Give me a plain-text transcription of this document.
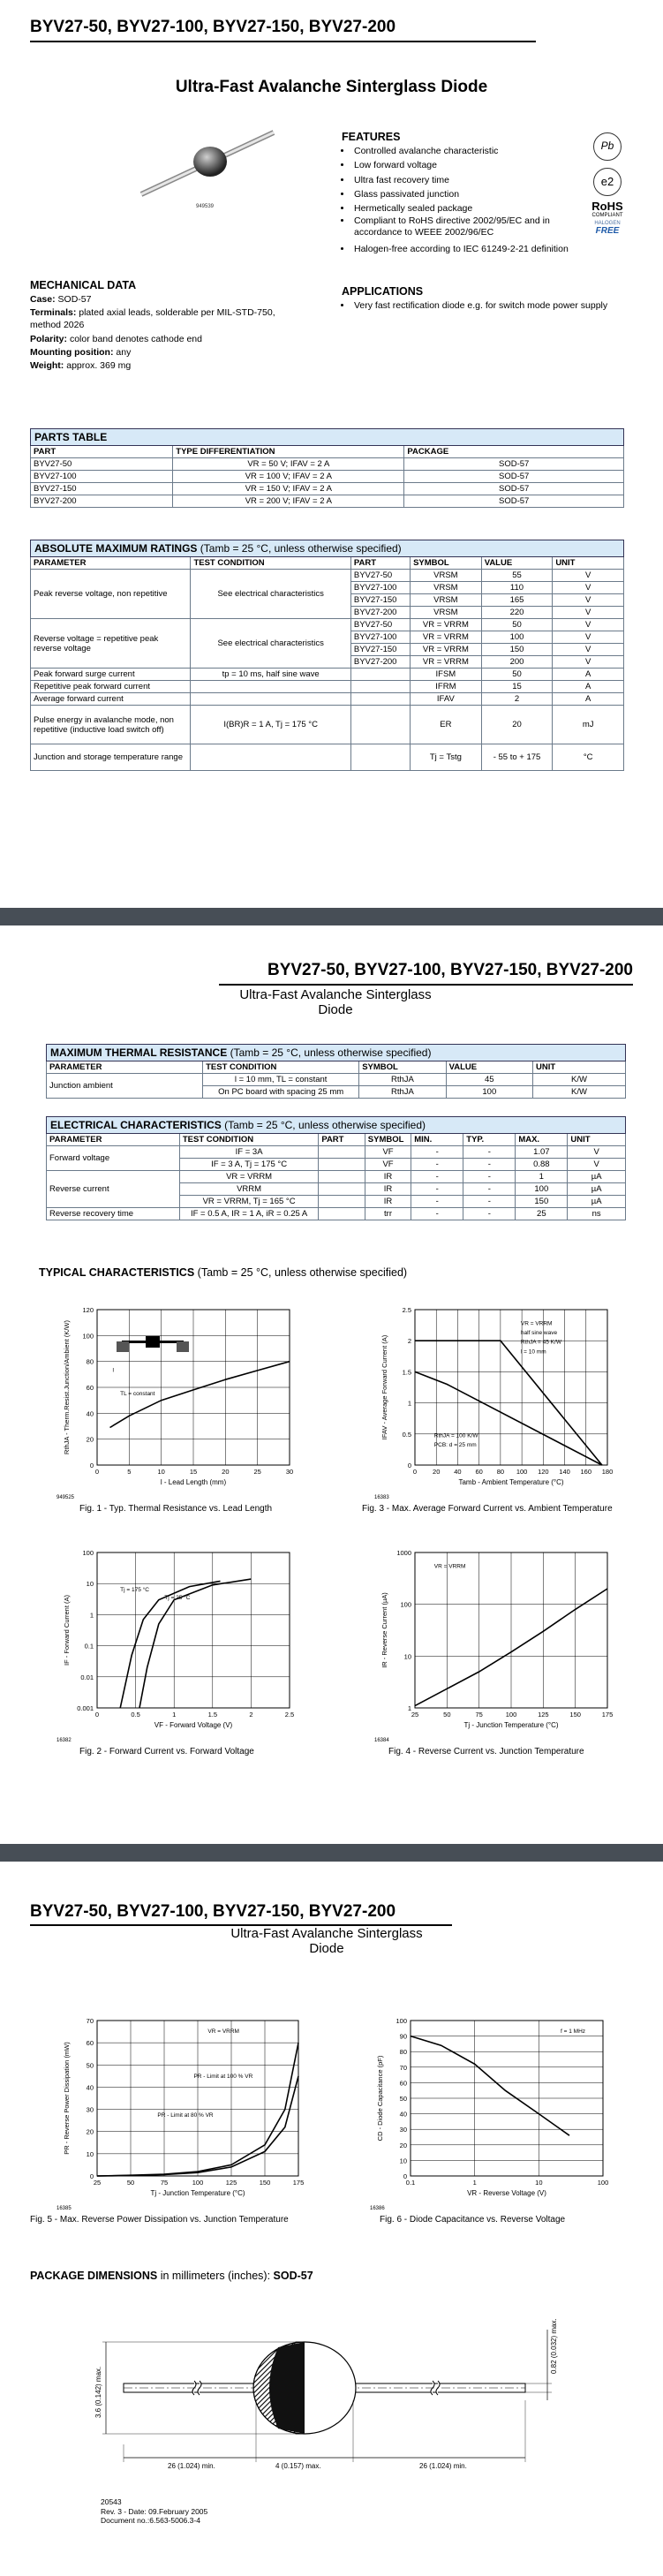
BYV27-50, BYV27-100, BYV27-150, BYV27-200
Ultra-Fast Avalanche Sinterglass Diode
949539
FEATURES
• Controlled avalanche characteristic
• Low forward voltage
• Ultra fast recovery time
• Glass passivated junction
• Hermetically sealed package
• Compliant to RoHS directive 2002/95/EC and in accordance to WEEE 2002/96/EC
• Halogen-free according to IEC 61249-2-21 definition
Pb
e2
RoHS
COMPLIANT
HALOGEN
FREE
APPLICATIONS
• Very fast rectification diode e.g. for switch mode power supply
MECHANICAL DATA
Case: SOD-57
Terminals: plated axial leads, solderable per MIL-STD-750, method 2026
Polarity: color band denotes cathode end
Mounting position: any
Weight: approx. 369 mg
PARTS TABLE		
PART	TYPE DIFFERENTIATION	PACKAGE
BYV27-50	VR = 50 V; IFAV = 2 A	SOD-57
BYV27-100	VR = 100 V; IFAV = 2 A	SOD-57
BYV27-150	VR = 150 V; IFAV = 2 A	SOD-57
BYV27-200	VR = 200 V; IFAV = 2 A	SOD-57
ABSOLUTE MAXIMUM RATINGS (Tamb = 25 °C, unless otherwise specified)					
PARAMETER	TEST CONDITION	PART	SYMBOL	VALUE	UNIT
Peak reverse voltage, non repetitive	See electrical characteristics	BYV27-50	VRSM	55	V
		BYV27-100	VRSM	110	V
		BYV27-150	VRSM	165	V
		BYV27-200	VRSM	220	V
Reverse voltage = repetitive peak reverse voltage	See electrical characteristics	BYV27-50	VR = VRRM	50	V
		BYV27-100	VR = VRRM	100	V
		BYV27-150	VR = VRRM	150	V
		BYV27-200	VR = VRRM	200	V
Peak forward surge current	tp = 10 ms, half sine wave		IFSM	50	A
Repetitive peak forward current			IFRM	15	A
Average forward current			IFAV	2	A
Pulse energy in avalanche mode, non repetitive (inductive load switch off)	I(BR)R = 1 A, Tj = 175 °C		ER	20	mJ
Junction and storage temperature range			Tj = Tstg	- 55 to + 175	°C
BYV27-50, BYV27-100, BYV27-150, BYV27-200
Ultra-Fast Avalanche Sinterglass
Diode
MAXIMUM THERMAL RESISTANCE (Tamb = 25 °C, unless otherwise specified)				
PARAMETER	TEST CONDITION	SYMBOL	VALUE	UNIT
Junction ambient	l = 10 mm, TL = constant	RthJA	45	K/W
	On PC board with spacing 25 mm	RthJA	100	K/W
ELECTRICAL CHARACTERISTICS (Tamb = 25 °C, unless otherwise specified)							
PARAMETER	TEST CONDITION	PART	SYMBOL	MIN.	TYP.	MAX.	UNIT
Forward voltage	IF = 3A		VF	-	-	1.07	V
	IF = 3 A, Tj = 175 °C		VF	-	-	0.88	V
Reverse current	VR = VRRM		IR	-	-	1	µA
	VRRM		IR	-	-	100	µA
	VR = VRRM, Tj = 165 °C		IR	-	-	150	µA
Reverse recovery time	IF = 0.5 A, IR = 1 A, iR = 0.25 A		trr	-	-	25	ns
TYPICAL CHARACTERISTICS (Tamb = 25 °C, unless otherwise specified)
0	5	10	15	20	25	30
0
20
40
60
80
100
120
l - Lead Length (mm)
RthJA - Therm.Resist.Junction/Ambient (K/W)
949525
l
TL = constant
Fig. 1 - Typ. Thermal Resistance vs. Lead Length
0 20 40 60 80 100 120 140 160 180
0
0.5
1
1.5
2
2.5
Tamb - Ambient Temperature (°C)
IFAV - Average Forward Current (A)
16383
VR = VRRM
half sine wave
RthJA = 45 K/W
l = 10 mm
RthJA = 100 K/W
PCB: d = 25 mm
Fig. 3 - Max. Average Forward Current vs. Ambient Temperature
0	0.5	1	1.5	2	2.5
0.001
0.01
0.1
1
10
100
VF - Forward Voltage (V)
IF - Forward Current (A)
16382
Tj = 175 °C
Tj = 25 °C
Fig. 2 - Forward Current vs. Forward Voltage
25	50	75	100	125	150	175
1
10
100
1000
Tj - Junction Temperature (°C)
IR - Reverse Current (µA)
16384
VR = VRRM
Fig. 4 - Reverse Current vs. Junction Temperature
BYV27-50, BYV27-100, BYV27-150, BYV27-200
Ultra-Fast Avalanche Sinterglass
Diode
25	50	75	100	125	150	175
0
10
20
30
40
50
60
70
Tj - Junction Temperature (°C)
PR - Reverse Power Dissipation (mW)
16385
VR = VRRM
PR - Limit at 100 % VR
PR - Limit at 80 % VR
Fig. 5 - Max. Reverse Power Dissipation vs. Junction Temperature
0.1	1	10	100
0
10
20
30
40
50
60
70
80
90
100
VR - Reverse Voltage (V)
CD - Diode Capacitance (pF)
16386
f = 1 MHz
Fig. 6 - Diode Capacitance vs. Reverse Voltage
PACKAGE DIMENSIONS in millimeters (inches): SOD-57
3.6 (0.142) max.
0.82 (0.032) max.
26 (1.024) min.	4 (0.157) max.	26 (1.024) min.
20543
Rev. 3 - Date: 09.February 2005
Document no.:6.563-5006.3-4
